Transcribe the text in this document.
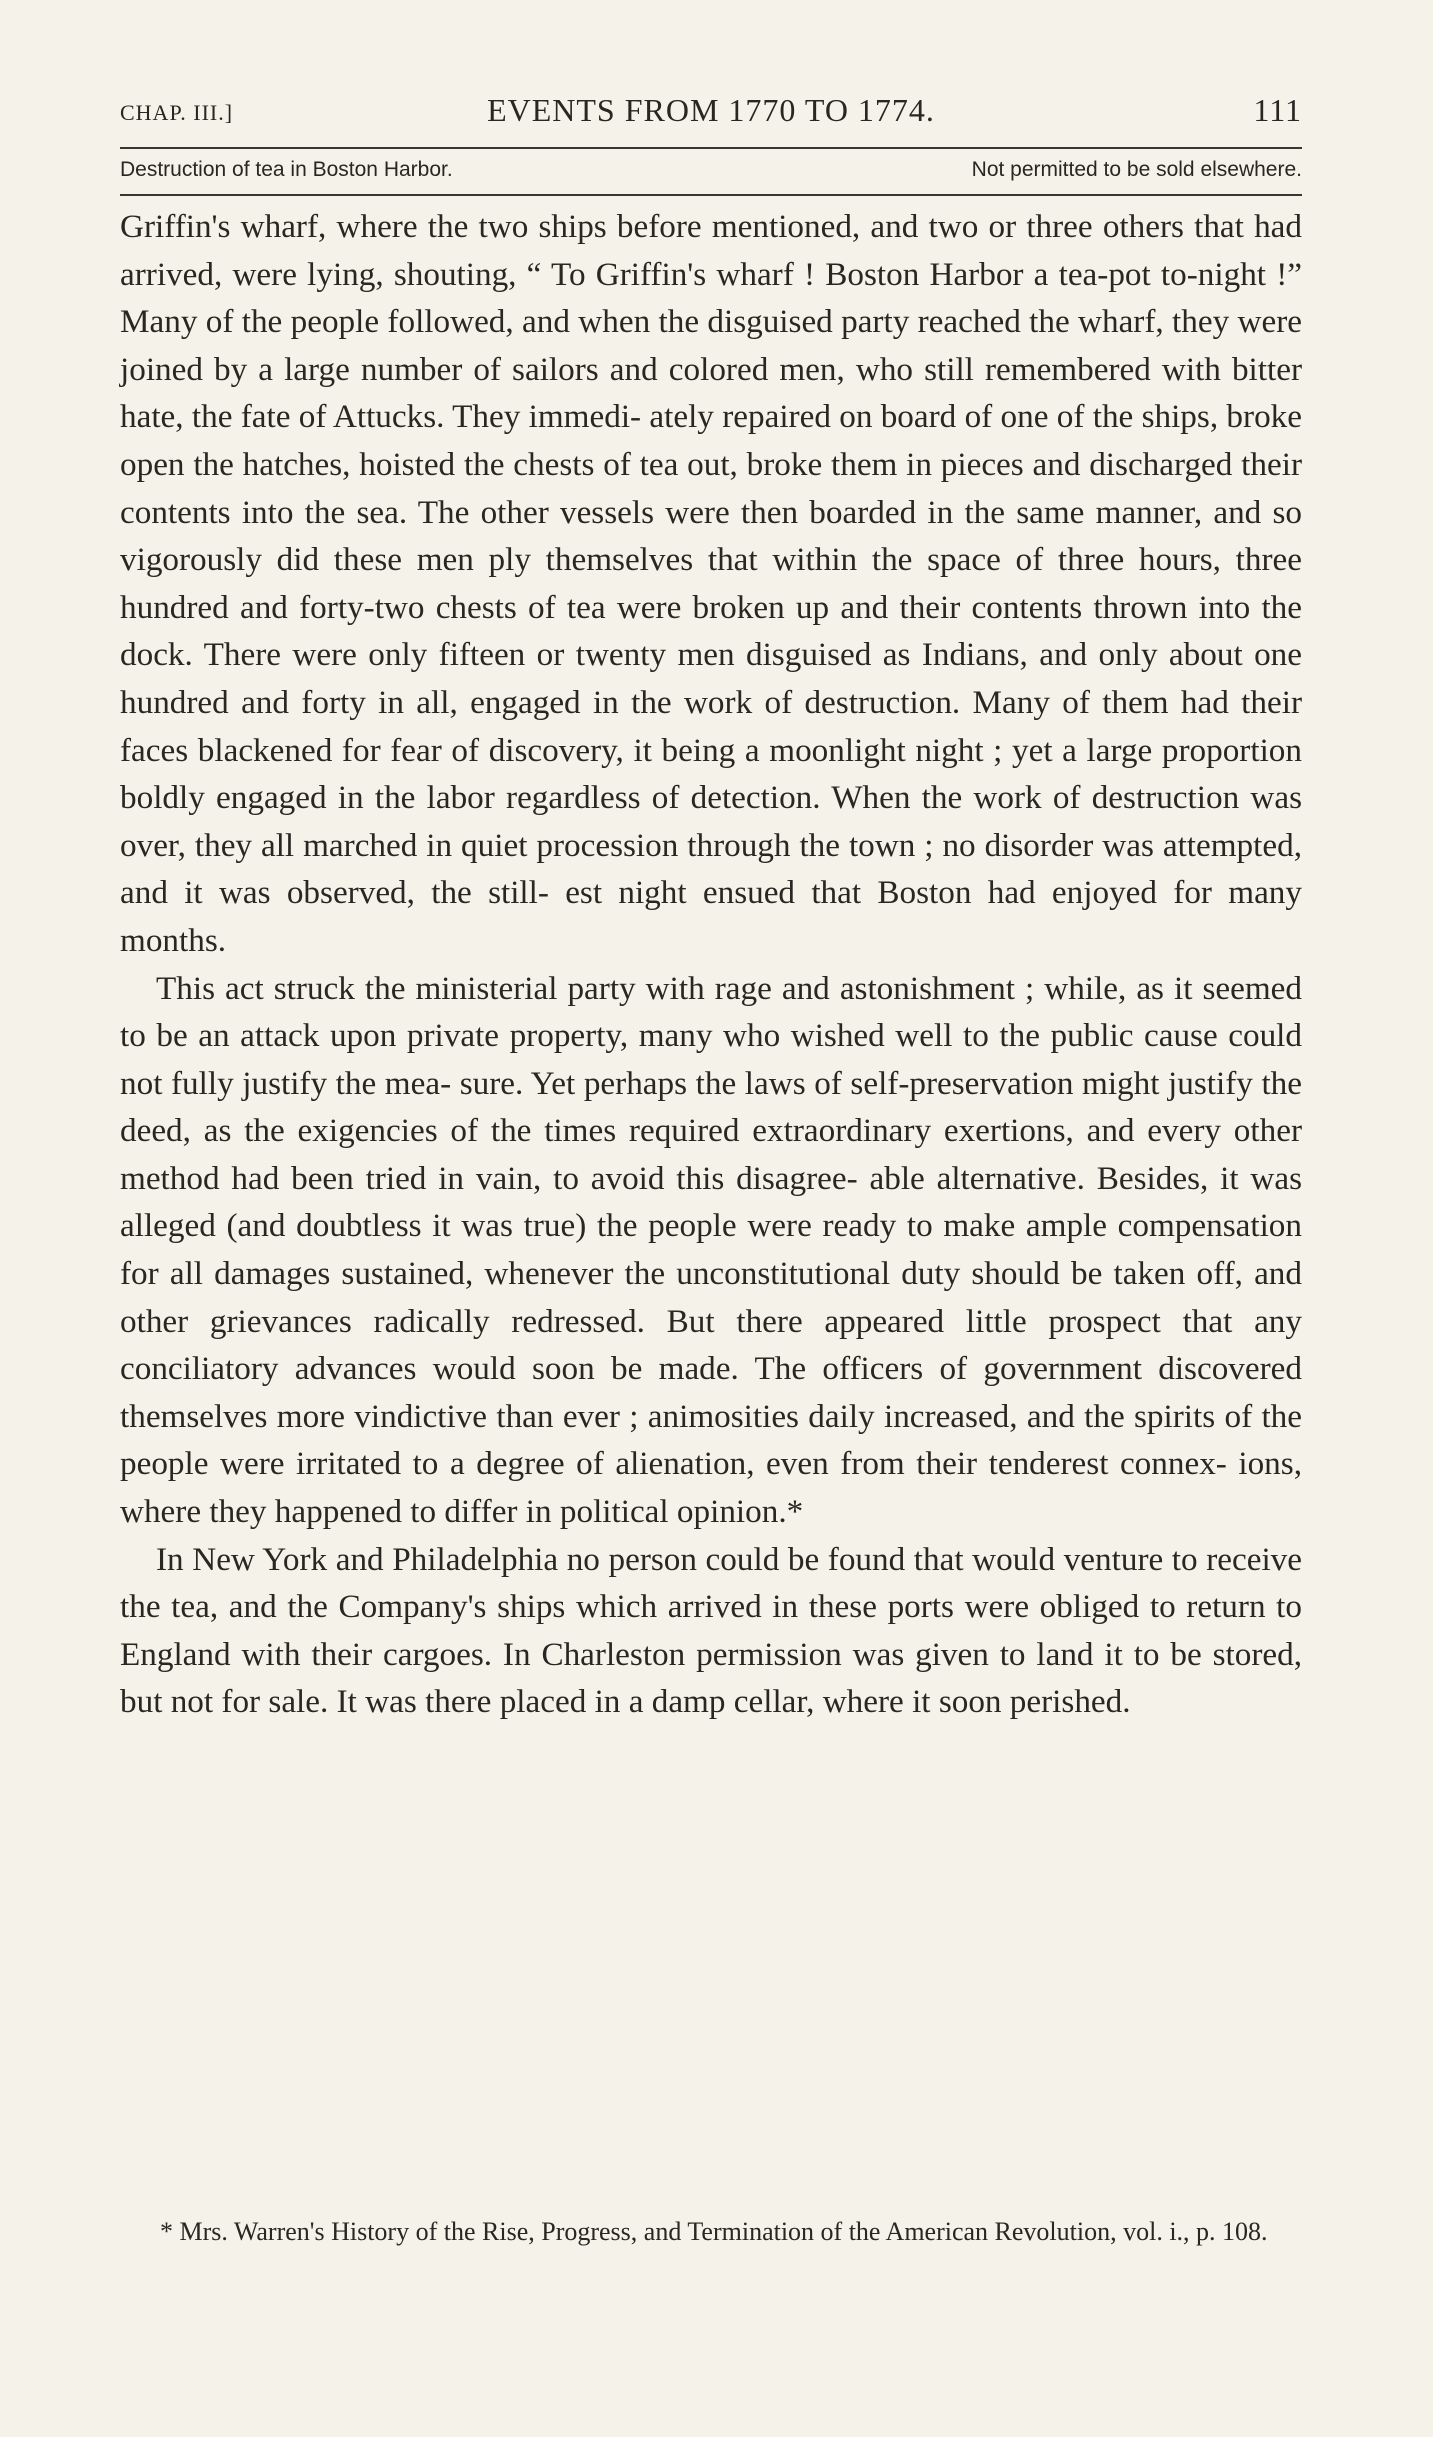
CHAP. III.]	EVENTS FROM 1770 TO 1774.	111
Destruction of tea in Boston Harbor.	Not permitted to be sold elsewhere.

Griffin's wharf, where the two ships before mentioned, and two or three others that had arrived, were lying, shouting, “ To Griffin's wharf ! Boston Harbor a tea-pot to-night !” Many of the people followed, and when the disguised party reached the wharf, they were joined by a large number of sailors and colored men, who still remembered with bitter hate, the fate of Attucks. They immedi- ately repaired on board of one of the ships, broke open the hatches, hoisted the chests of tea out, broke them in pieces and discharged their contents into the sea. The other vessels were then boarded in the same manner, and so vigorously did these men ply themselves that within the space of three hours, three hundred and forty-two chests of tea were broken up and their contents thrown into the dock. There were only fifteen or twenty men disguised as Indians, and only about one hundred and forty in all, engaged in the work of destruction. Many of them had their faces blackened for fear of discovery, it being a moonlight night ; yet a large proportion boldly engaged in the labor regardless of detection. When the work of destruction was over, they all marched in quiet procession through the town ; no disorder was attempted, and it was observed, the still- est night ensued that Boston had enjoyed for many months.

This act struck the ministerial party with rage and astonishment ; while, as it seemed to be an attack upon private property, many who wished well to the public cause could not fully justify the mea- sure. Yet perhaps the laws of self-preservation might justify the deed, as the exigencies of the times required extraordinary exertions, and every other method had been tried in vain, to avoid this disagree- able alternative. Besides, it was alleged (and doubtless it was true) the people were ready to make ample compensation for all damages sustained, whenever the unconstitutional duty should be taken off, and other grievances radically redressed. But there appeared little prospect that any conciliatory advances would soon be made. The officers of government discovered themselves more vindictive than ever ; animosities daily increased, and the spirits of the people were irritated to a degree of alienation, even from their tenderest connex- ions, where they happened to differ in political opinion.*

In New York and Philadelphia no person could be found that would venture to receive the tea, and the Company's ships which arrived in these ports were obliged to return to England with their cargoes. In Charleston permission was given to land it to be stored, but not for sale. It was there placed in a damp cellar, where it soon perished.

* Mrs. Warren's History of the Rise, Progress, and Termination of the American Revolution, vol. i., p. 108.
